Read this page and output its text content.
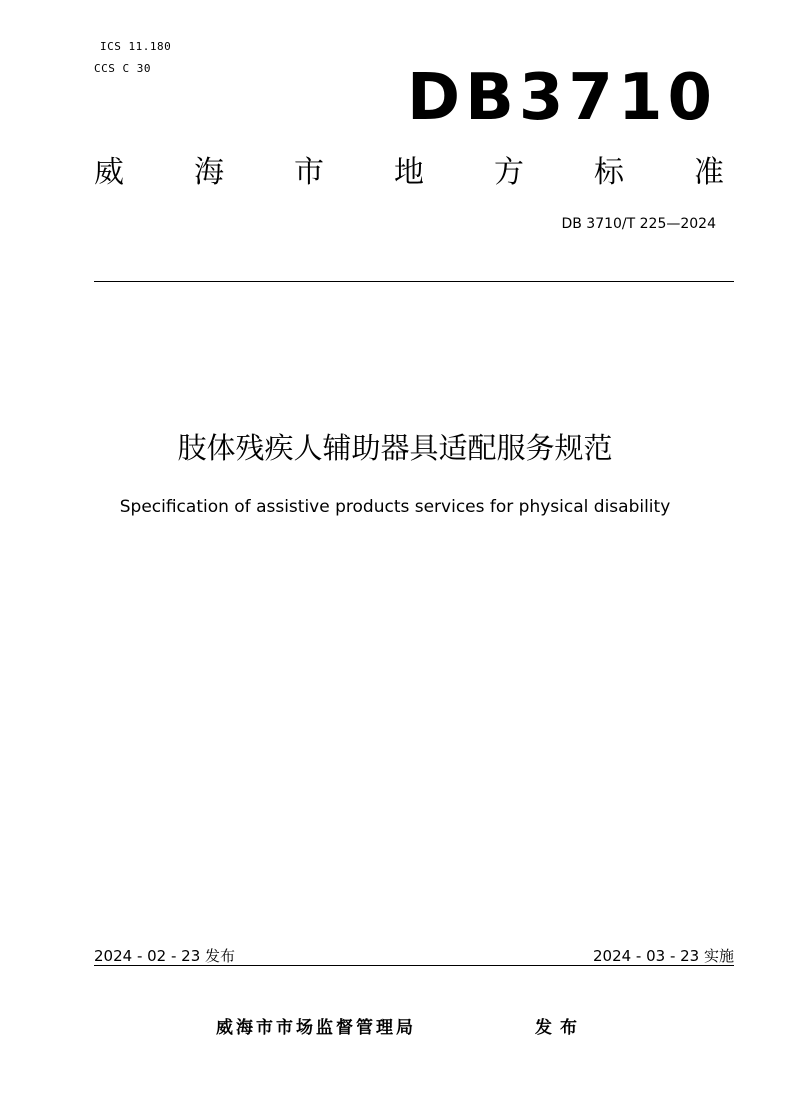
ICS 11.180
CCS C 30	DB3710
威 海 市 地 方 标 准
DB 3710/T 225—2024
肢体残疾人辅助器具适配服务规范
Specification of assistive products services for physical disability
2024 - 02 - 23 发布	2024 - 03 - 23 实施
威海市市场监督管理局	发布
